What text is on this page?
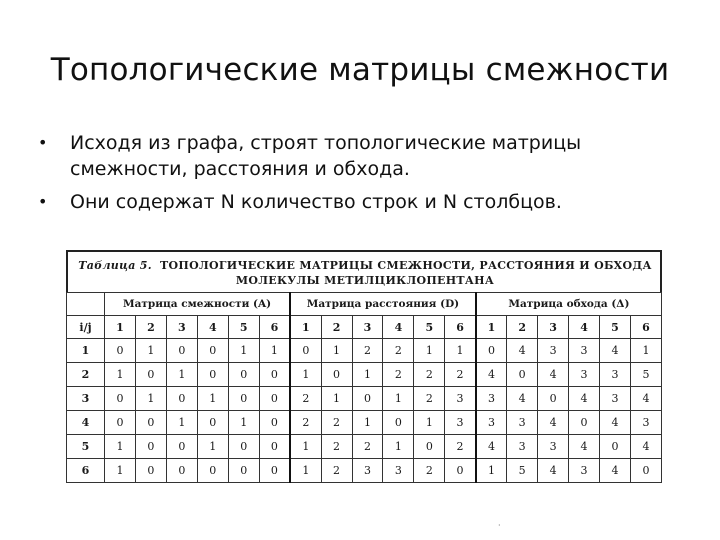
Топологические матрицы смежности
• Исходя из графа, строят топологические матрицы смежности, расстояния и обхода.
• Они содержат N количество строк и N столбцов.
Таблица 5. ТОПОЛОГИЧЕСКИЕ МАТРИЦЫ СМЕЖНОСТИ, РАССТОЯНИЯ И ОБХОДА МОЛЕКУЛЫ МЕТИЛЦИКЛОПЕНТАНА
	Матрица смежности (A)						Матрица расстояния (D)						Матрица обхода (Δ)					
i/j	1	2	3	4	5	6	1	2	3	4	5	6	1	2	3	4	5	6
1	0	1	0	0	1	1	0	1	2	2	1	1	0	4	3	3	4	1
2	1	0	1	0	0	0	1	0	1	2	2	2	4	0	4	3	3	5
3	0	1	0	1	0	0	2	1	0	1	2	3	3	4	0	4	3	4
4	0	0	1	0	1	0	2	2	1	0	1	3	3	3	4	0	4	3
5	1	0	0	1	0	0	1	2	2	1	0	2	4	3	3	4	0	4
6	1	0	0	0	0	0	1	2	3	3	2	0	1	5	4	3	4	0
·
